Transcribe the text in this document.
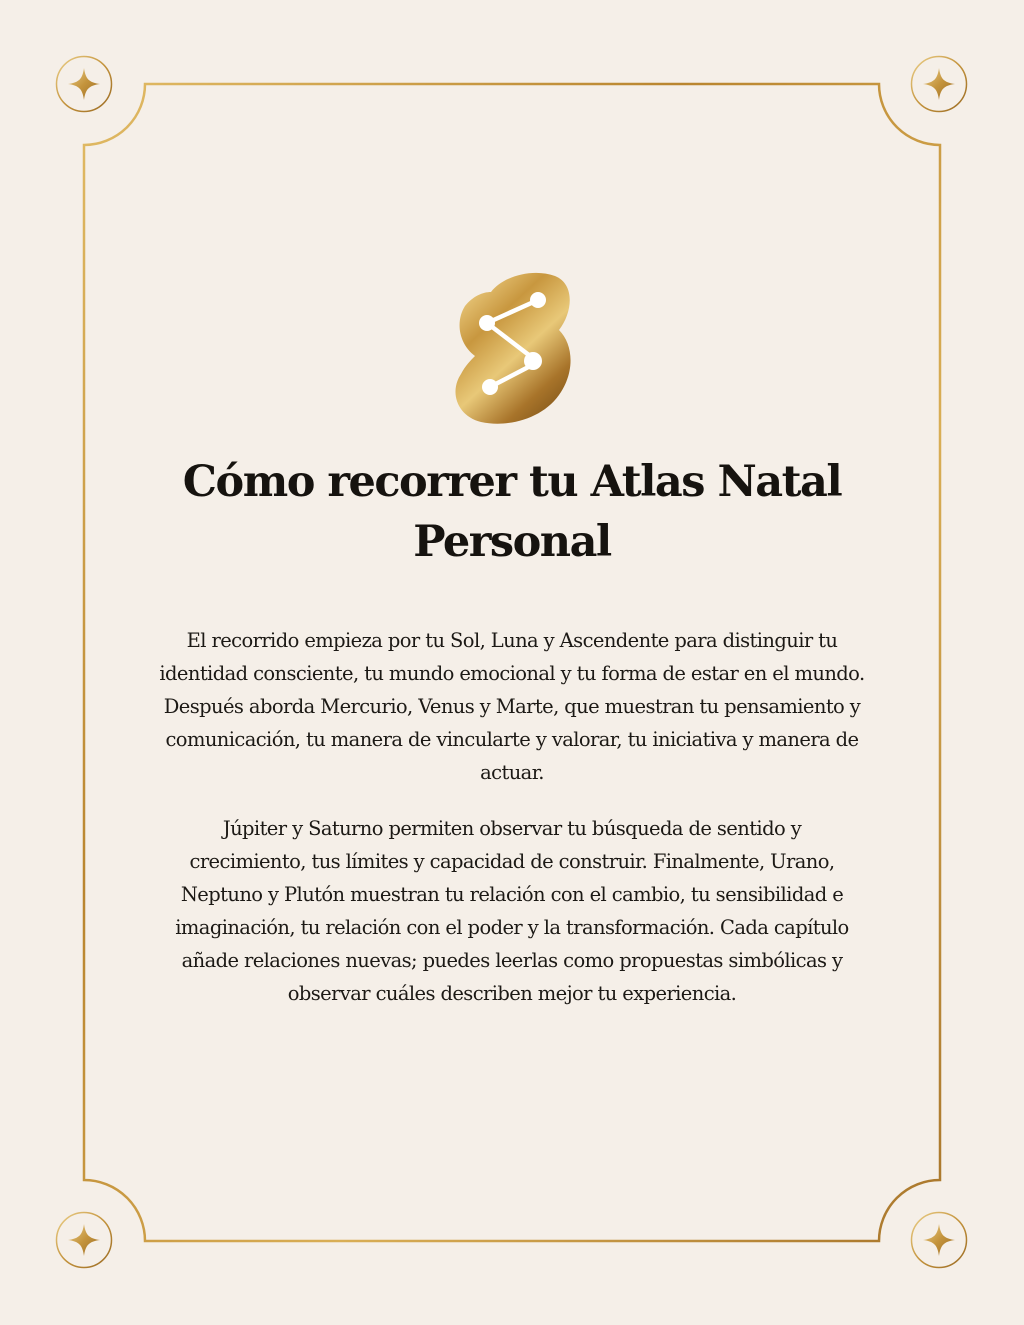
Cómo recorrer tu Atlas Natal Personal

El recorrido empieza por tu Sol, Luna y Ascendente para distinguir tu identidad consciente, tu mundo emocional y tu forma de estar en el mundo. Después aborda Mercurio, Venus y Marte, que muestran tu pensamiento y comunicación, tu manera de vincularte y valorar, tu iniciativa y manera de actuar.

Júpiter y Saturno permiten observar tu búsqueda de sentido y crecimiento, tus límites y capacidad de construir. Finalmente, Urano, Neptuno y Plutón muestran tu relación con el cambio, tu sensibilidad e imaginación, tu relación con el poder y la transformación. Cada capítulo añade relaciones nuevas; puedes leerlas como propuestas simbólicas y observar cuáles describen mejor tu experiencia.
